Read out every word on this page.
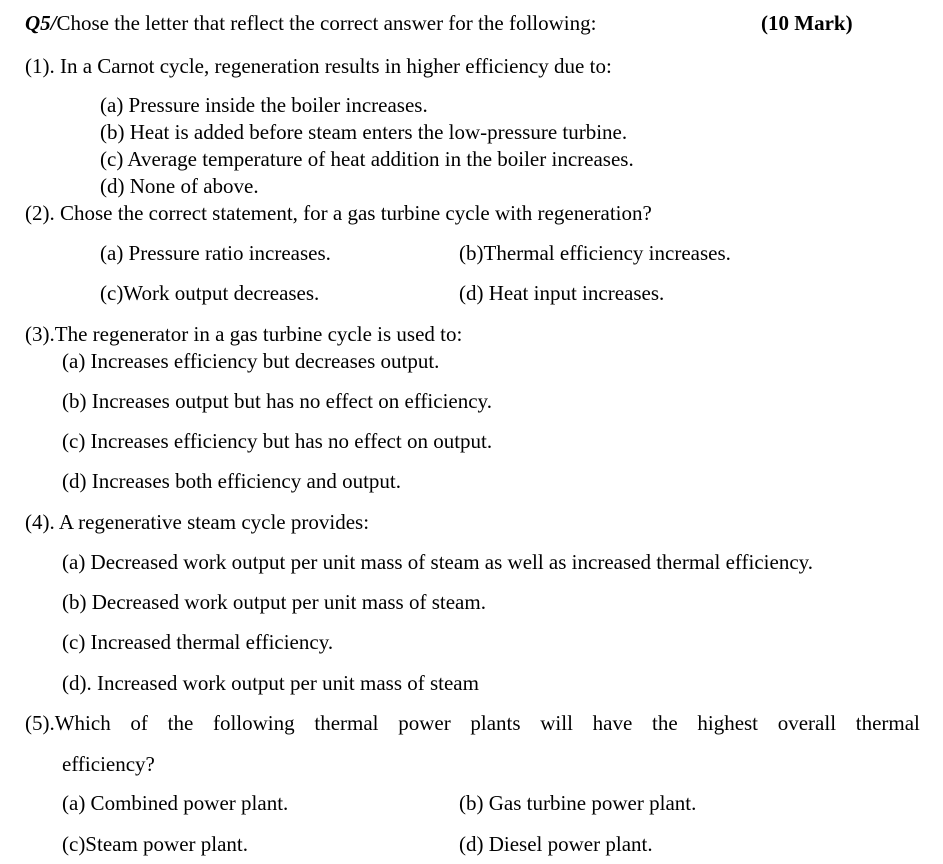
Q5/Chose the letter that reflect the correct answer for the following:	(10 Mark)
(1). In a Carnot cycle, regeneration results in higher efficiency due to:
(a) Pressure inside the boiler increases.
(b) Heat is added before steam enters the low-pressure turbine.
(c) Average temperature of heat addition in the boiler increases.
(d) None of above.
(2). Chose the correct statement, for a gas turbine cycle with regeneration?
(a) Pressure ratio increases.	(b)Thermal efficiency increases.
(c)Work output decreases.	(d) Heat input increases.
(3).The regenerator in a gas turbine cycle is used to:
(a) Increases efficiency but decreases output.
(b) Increases output but has no effect on efficiency.
(c) Increases efficiency but has no effect on output.
(d) Increases both efficiency and output.
(4). A regenerative steam cycle provides:
(a) Decreased work output per unit mass of steam as well as increased thermal efficiency.
(b) Decreased work output per unit mass of steam.
(c) Increased thermal efficiency.
(d). Increased work output per unit mass of steam
(5).Which of the following thermal power plants will have the highest overall thermal
efficiency?
(a) Combined power plant.	(b) Gas turbine power plant.
(c)Steam power plant.	(d) Diesel power plant.
